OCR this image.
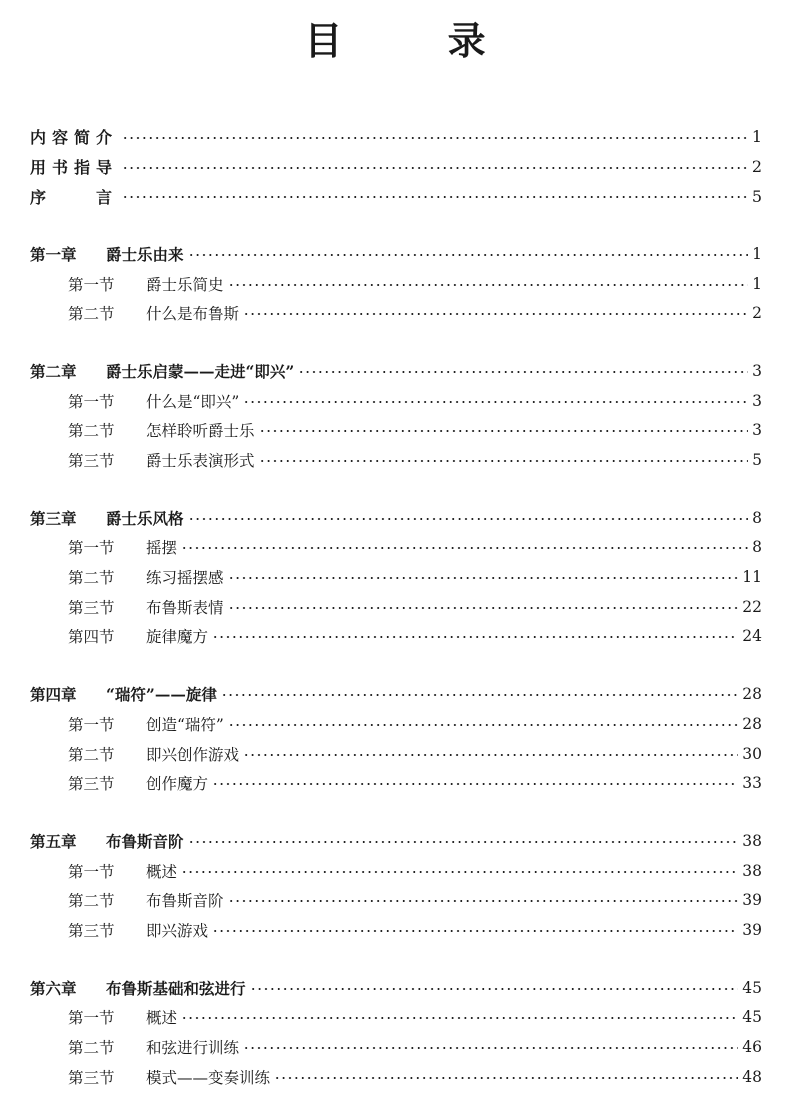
目 录
内容简介	1
用书指导	2
序　　言	5
第一章	爵士乐由来	1
第一节	爵士乐简史	1
第二节	什么是布鲁斯	2
第二章	爵士乐启蒙——走进“即兴”	3
第一节	什么是“即兴”	3
第二节	怎样聆听爵士乐	3
第三节	爵士乐表演形式	5
第三章	爵士乐风格	8
第一节	摇摆	8
第二节	练习摇摆感	11
第三节	布鲁斯表情	22
第四节	旋律魔方	24
第四章	“瑞符”——旋律	28
第一节	创造“瑞符”	28
第二节	即兴创作游戏	30
第三节	创作魔方	33
第五章	布鲁斯音阶	38
第一节	概述	38
第二节	布鲁斯音阶	39
第三节	即兴游戏	39
第六章	布鲁斯基础和弦进行	45
第一节	概述	45
第二节	和弦进行训练	46
第三节	模式——变奏训练	48
